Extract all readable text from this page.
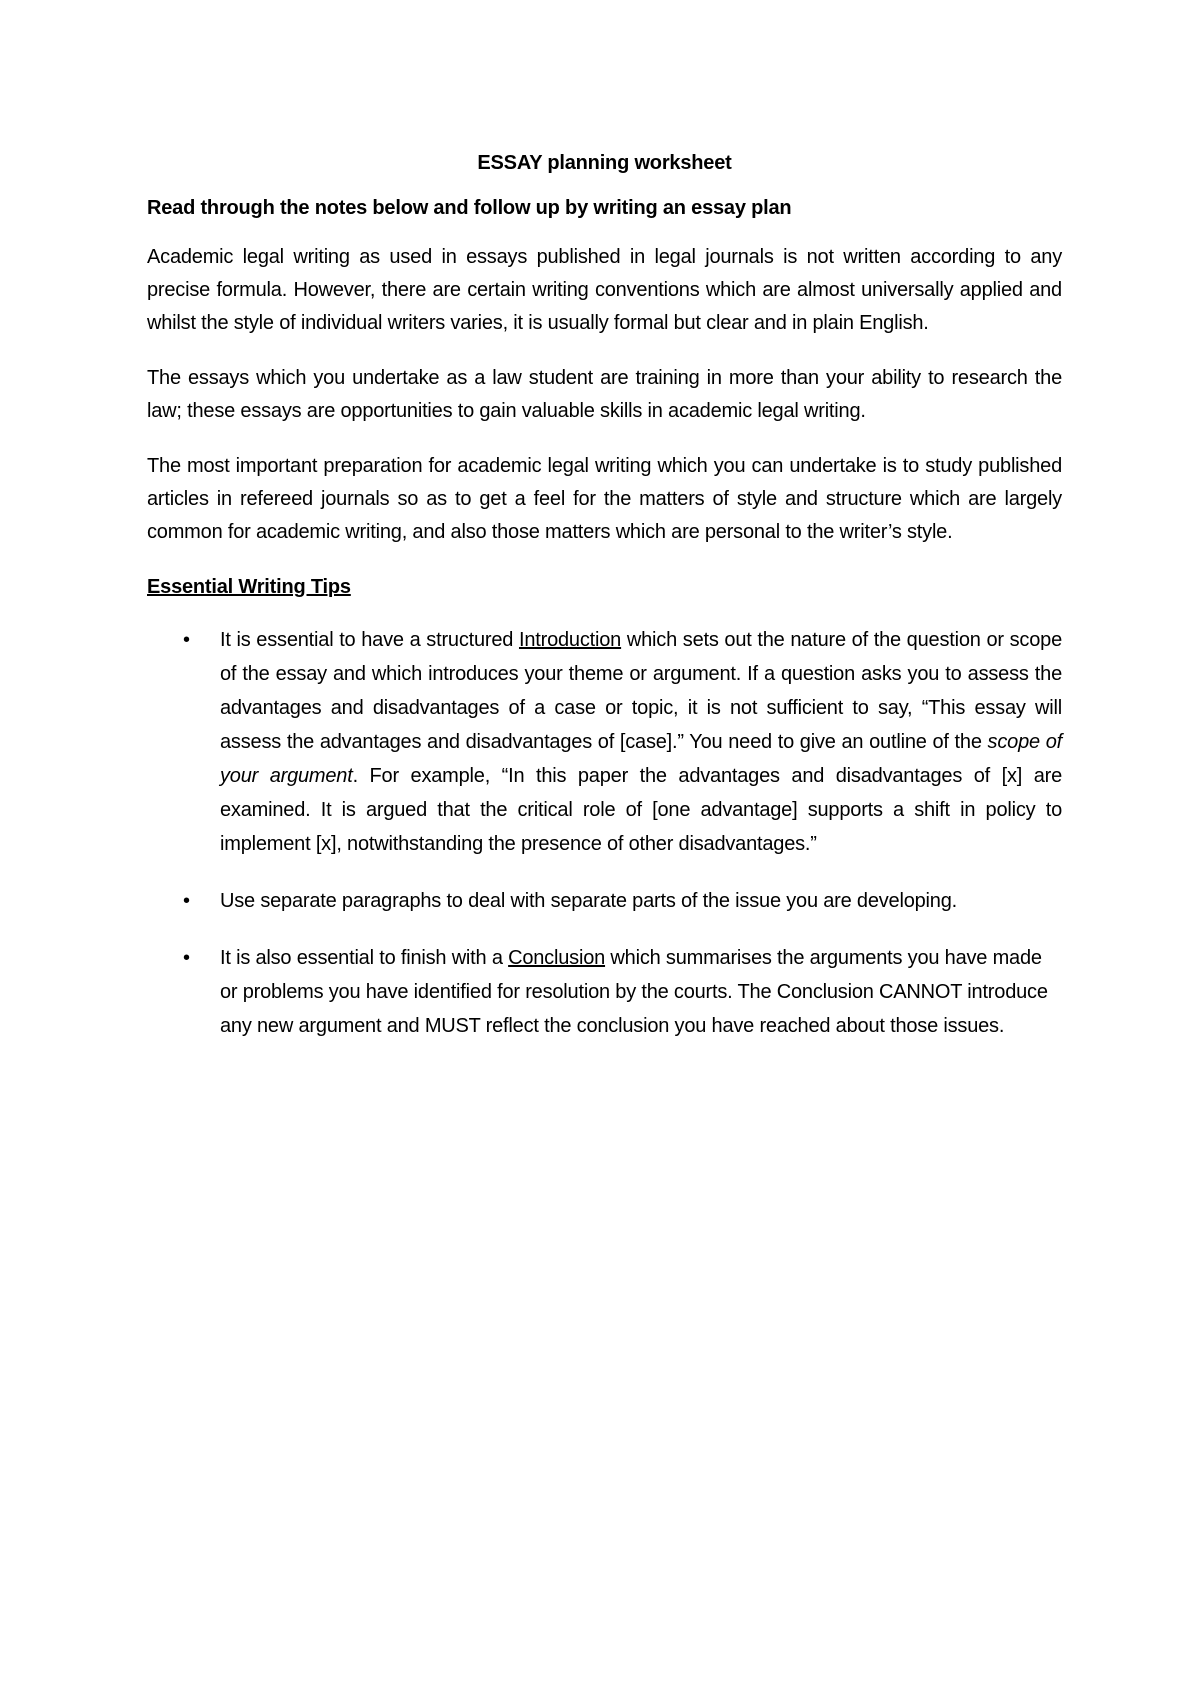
ESSAY planning worksheet
Read through the notes below and follow up by writing an essay plan

Academic legal writing as used in essays published in legal journals is not written according to any precise formula. However, there are certain writing conventions which are almost universally applied and whilst the style of individual writers varies, it is usually formal but clear and in plain English.

The essays which you undertake as a law student are training in more than your ability to research the law; these essays are opportunities to gain valuable skills in academic legal writing.

The most important preparation for academic legal writing which you can undertake is to study published articles in refereed journals so as to get a feel for the matters of style and structure which are largely common for academic writing, and also those matters which are personal to the writer’s style.

Essential Writing Tips
• It is essential to have a structured Introduction which sets out the nature of the question or scope of the essay and which introduces your theme or argument. If a question asks you to assess the advantages and disadvantages of a case or topic, it is not sufficient to say, “This essay will assess the advantages and disadvantages of [case].” You need to give an outline of the scope of your argument. For example, “In this paper the advantages and disadvantages of [x] are examined. It is argued that the critical role of [one advantage] supports a shift in policy to implement [x], notwithstanding the presence of other disadvantages.”
• Use separate paragraphs to deal with separate parts of the issue you are developing.
• It is also essential to finish with a Conclusion which summarises the arguments you have made or problems you have identified for resolution by the courts. The Conclusion CANNOT introduce any new argument and MUST reflect the conclusion you have reached about those issues.
